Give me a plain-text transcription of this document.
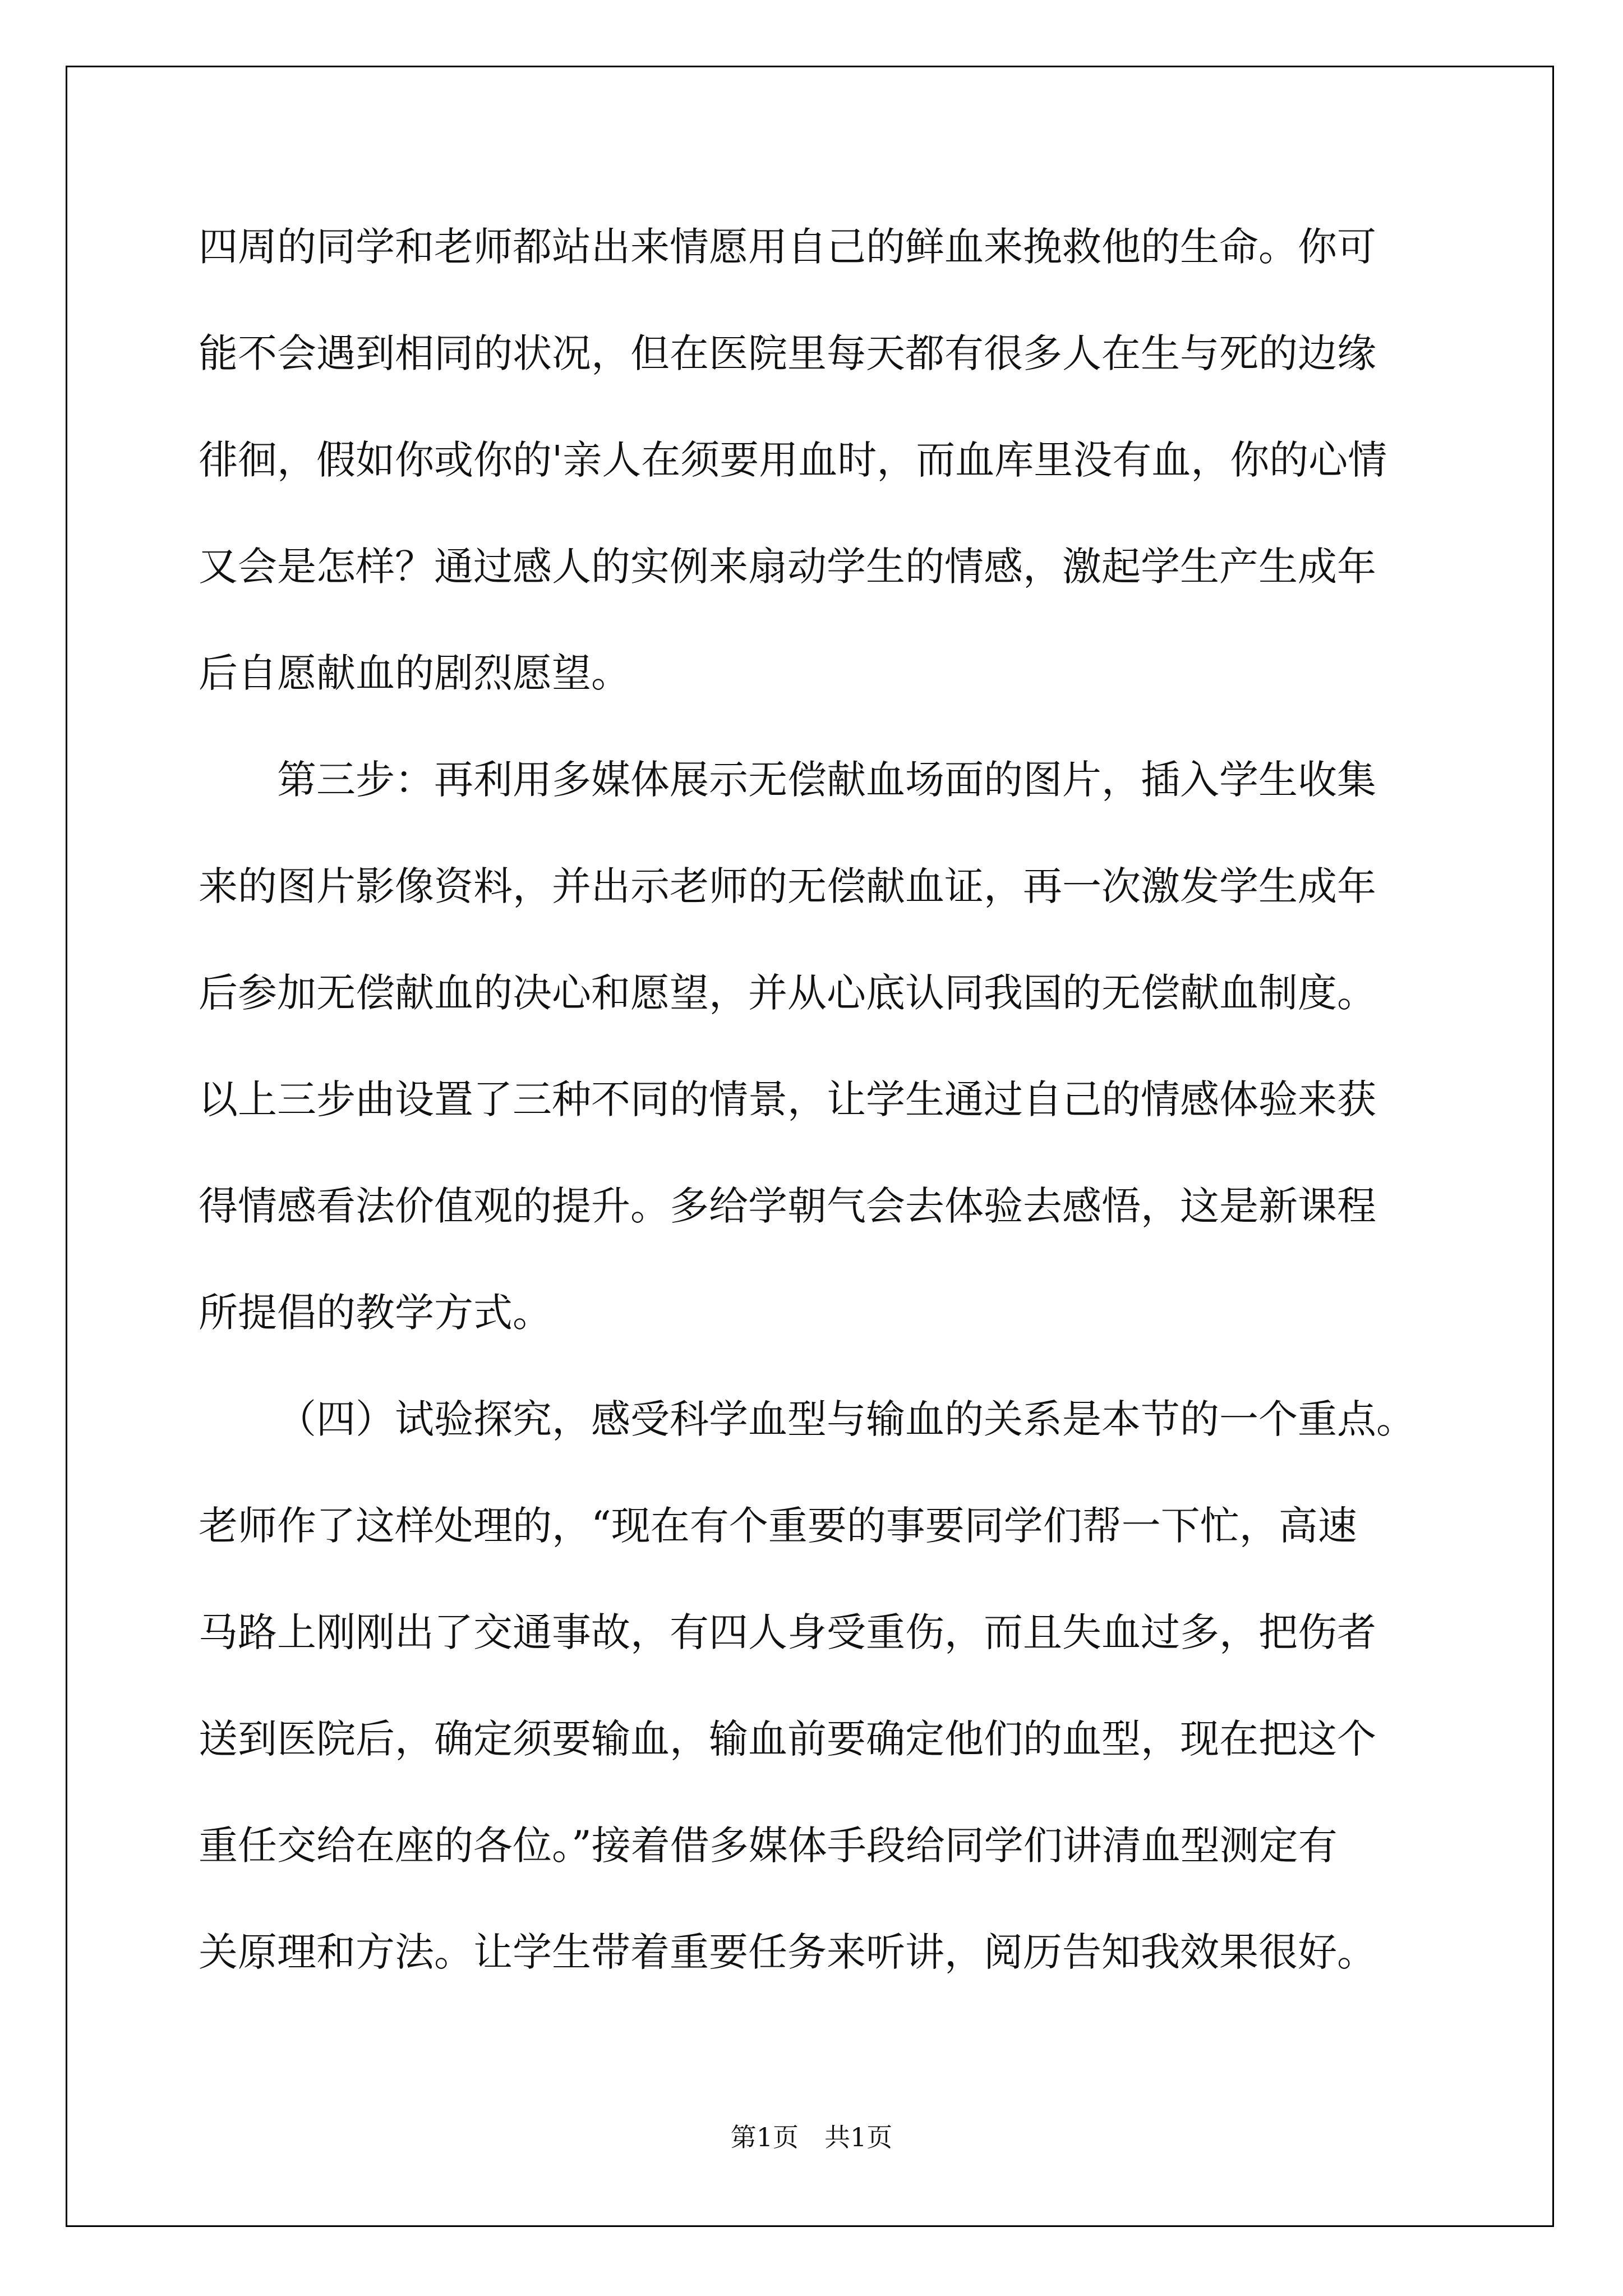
四周的同学和老师都站出来情愿用自己的鲜血来挽救他的生命。你可
能不会遇到相同的状况，但在医院里每天都有很多人在生与死的边缘
徘徊，假如你或你的'亲人在须要用血时，而血库里没有血，你的心情
又会是怎样？通过感人的实例来扇动学生的情感，激起学生产生成年
后自愿献血的剧烈愿望。
第三步：再利用多媒体展示无偿献血场面的图片，插入学生收集
来的图片影像资料，并出示老师的无偿献血证，再一次激发学生成年
后参加无偿献血的决心和愿望，并从心底认同我国的无偿献血制度。
以上三步曲设置了三种不同的情景，让学生通过自己的情感体验来获
得情感看法价值观的提升。多给学朝气会去体验去感悟，这是新课程
所提倡的教学方式。
（四）试验探究，感受科学血型与输血的关系是本节的一个重点。
老师作了这样处理的，“现在有个重要的事要同学们帮一下忙，高速
马路上刚刚出了交通事故，有四人身受重伤，而且失血过多，把伤者
送到医院后，确定须要输血，输血前要确定他们的血型，现在把这个
重任交给在座的各位。”接着借多媒体手段给同学们讲清血型测定有
关原理和方法。让学生带着重要任务来听讲，阅历告知我效果很好。
第1页　共1页
